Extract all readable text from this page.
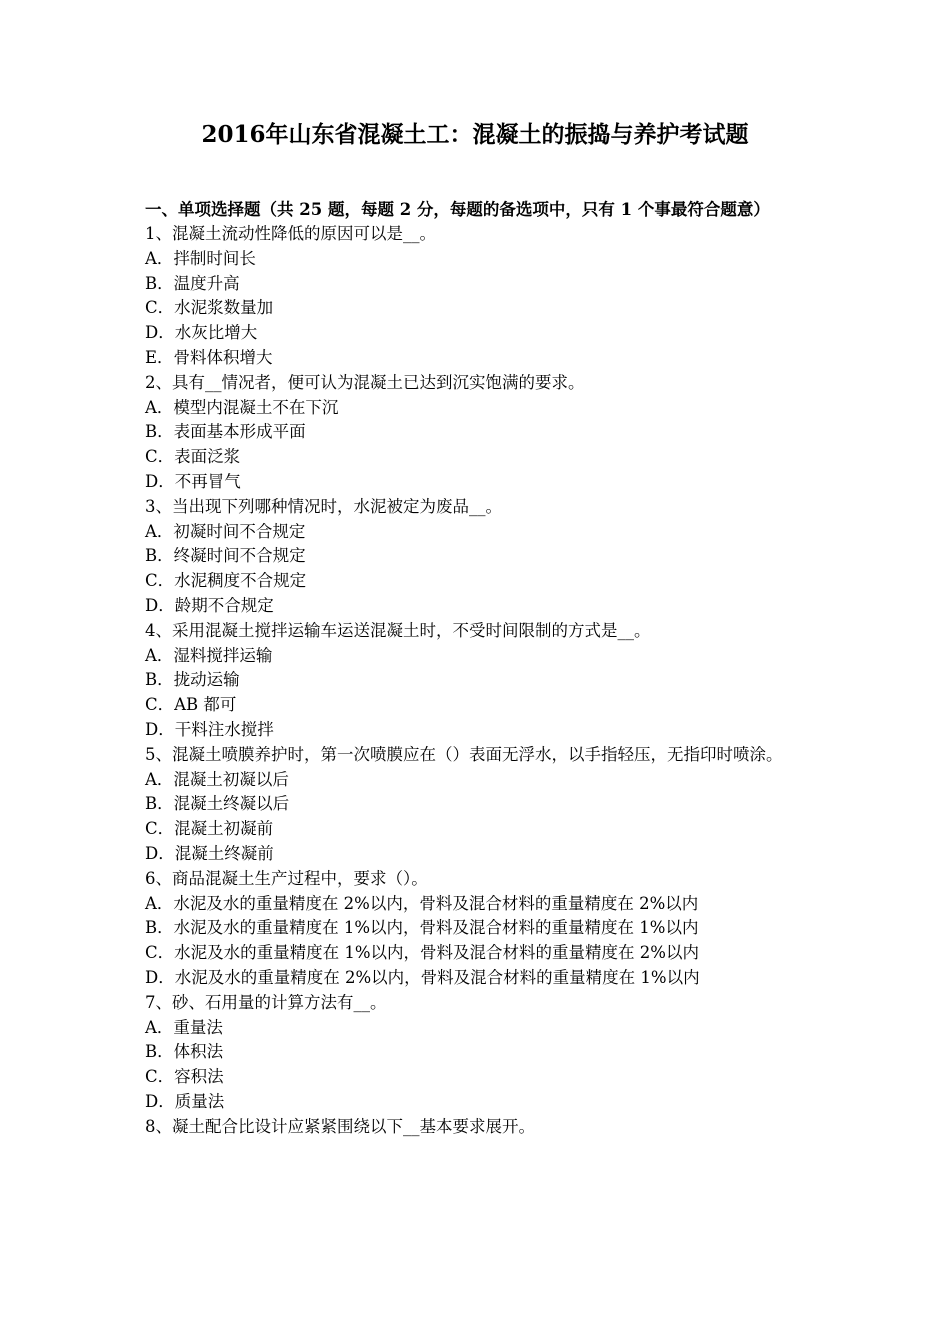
2016年山东省混凝土工：混凝土的振捣与养护考试题
一、单项选择题（共 25 题，每题 2 分，每题的备选项中，只有 1 个事最符合题意）
1、混凝土流动性降低的原因可以是__。
A．拌制时间长
B．温度升高
C．水泥浆数量加
D．水灰比增大
E．骨料体积增大
2、具有__情况者，便可认为混凝土已达到沉实饱满的要求。
A．模型内混凝土不在下沉
B．表面基本形成平面
C．表面泛浆
D．不再冒气
3、当出现下列哪种情况时，水泥被定为废品__。
A．初凝时间不合规定
B．终凝时间不合规定
C．水泥稠度不合规定
D．龄期不合规定
4、采用混凝土搅拌运输车运送混凝土时，不受时间限制的方式是__。
A．湿料搅拌运输
B．拢动运输
C．AB 都可
D．干料注水搅拌
5、混凝土喷膜养护时，第一次喷膜应在（）表面无浮水，以手指轻压，无指印时喷涂。
A．混凝土初凝以后
B．混凝土终凝以后
C．混凝土初凝前
D．混凝土终凝前
6、商品混凝土生产过程中，要求（）。
A．水泥及水的重量精度在 2%以内，骨料及混合材料的重量精度在 2%以内
B．水泥及水的重量精度在 1%以内，骨料及混合材料的重量精度在 1%以内
C．水泥及水的重量精度在 1%以内，骨料及混合材料的重量精度在 2%以内
D．水泥及水的重量精度在 2%以内，骨料及混合材料的重量精度在 1%以内
7、砂、石用量的计算方法有__。
A．重量法
B．体积法
C．容积法
D．质量法
8、凝土配合比设计应紧紧围绕以下__基本要求展开。
